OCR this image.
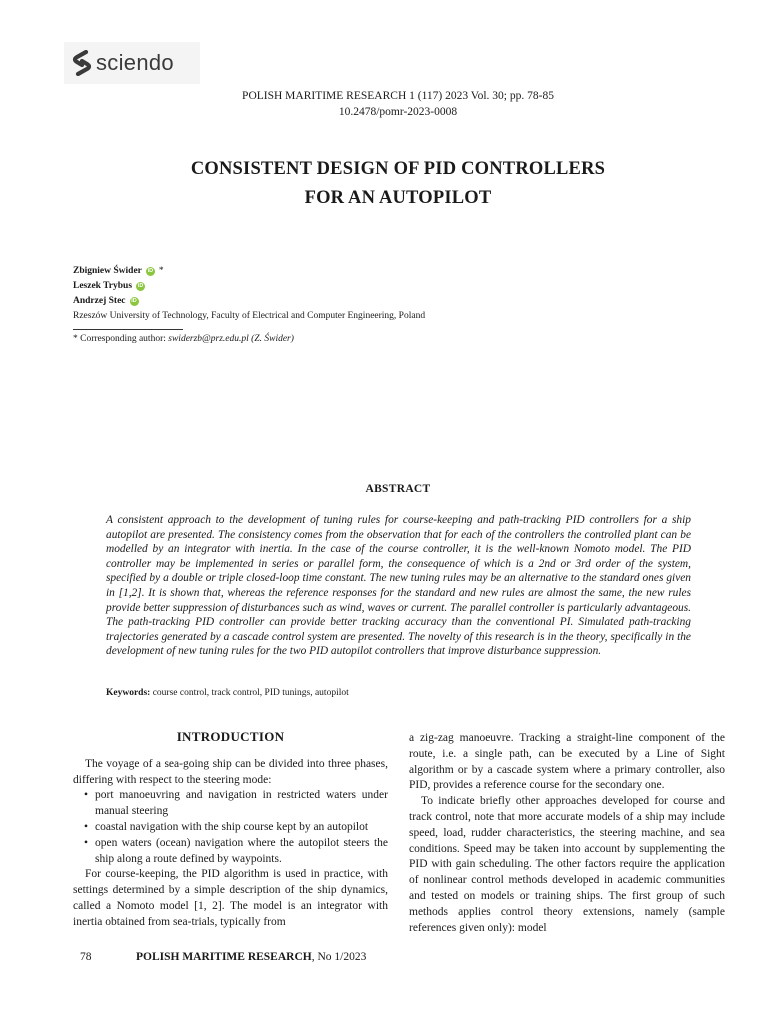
sciendo
POLISH MARITIME RESEARCH 1 (117) 2023 Vol. 30; pp. 78-85
10.2478/pomr-2023-0008
CONSISTENT DESIGN OF PID CONTROLLERS
FOR AN AUTOPILOT
Zbigniew Świder	iD *
Leszek Trybus	iD
Andrzej Stec	iD
Rzeszów University of Technology, Faculty of Electrical and Computer Engineering, Poland
* Corresponding author: swiderzb@prz.edu.pl (Z. Świder)
ABSTRACT
A consistent approach to the development of tuning rules for course-keeping and path-tracking PID controllers for a ship autopilot are presented. The consistency comes from the observation that for each of the controllers the controlled plant can be modelled by an integrator with inertia. In the case of the course controller, it is the well-known Nomoto model. The PID controller may be implemented in series or parallel form, the consequence of which is a 2nd or 3rd order of the system, specified by a double or triple closed-loop time constant. The new tuning rules may be an alternative to the standard ones given in [1,2]. It is shown that, whereas the reference responses for the standard and new rules are almost the same, the new rules provide better suppression of disturbances such as wind, waves or current. The parallel controller is particularly advantageous. The path-tracking PID controller can provide better tracking accuracy than the conventional PI. Simulated path-tracking trajectories generated by a cascade control system are presented. The novelty of this research is in the theory, specifically in the development of new tuning rules for the two PID autopilot controllers that improve disturbance suppression.
Keywords: course control, track control, PID tunings, autopilot
INTRODUCTION

The voyage of a sea-going ship can be divided into three phases, differing with respect to the steering mode:

• port manoeuvring and navigation in restricted waters under manual steering
• coastal navigation with the ship course kept by an autopilot
• open waters (ocean) navigation where the autopilot steers the ship along a route defined by waypoints.

For course-keeping, the PID algorithm is used in practice, with settings determined by a simple description of the ship dynamics, called a Nomoto model [1, 2]. The model is an integrator with inertia obtained from sea-trials, typically from

a zig-zag manoeuvre. Tracking a straight-line component of the route, i.e. a single path, can be executed by a Line of Sight algorithm or by a cascade system where a primary controller, also PID, provides a reference course for the secondary one.

To indicate briefly other approaches developed for course and track control, note that more accurate models of a ship may include speed, load, rudder characteristics, the steering machine, and sea conditions. Speed may be taken into account by supplementing the PID with gain scheduling. The other factors require the application of nonlinear control methods developed in academic communities and tested on models or training ships. The first group of such methods applies control theory extensions, namely (sample references given only): model

78	POLISH MARITIME RESEARCH, No 1/2023
